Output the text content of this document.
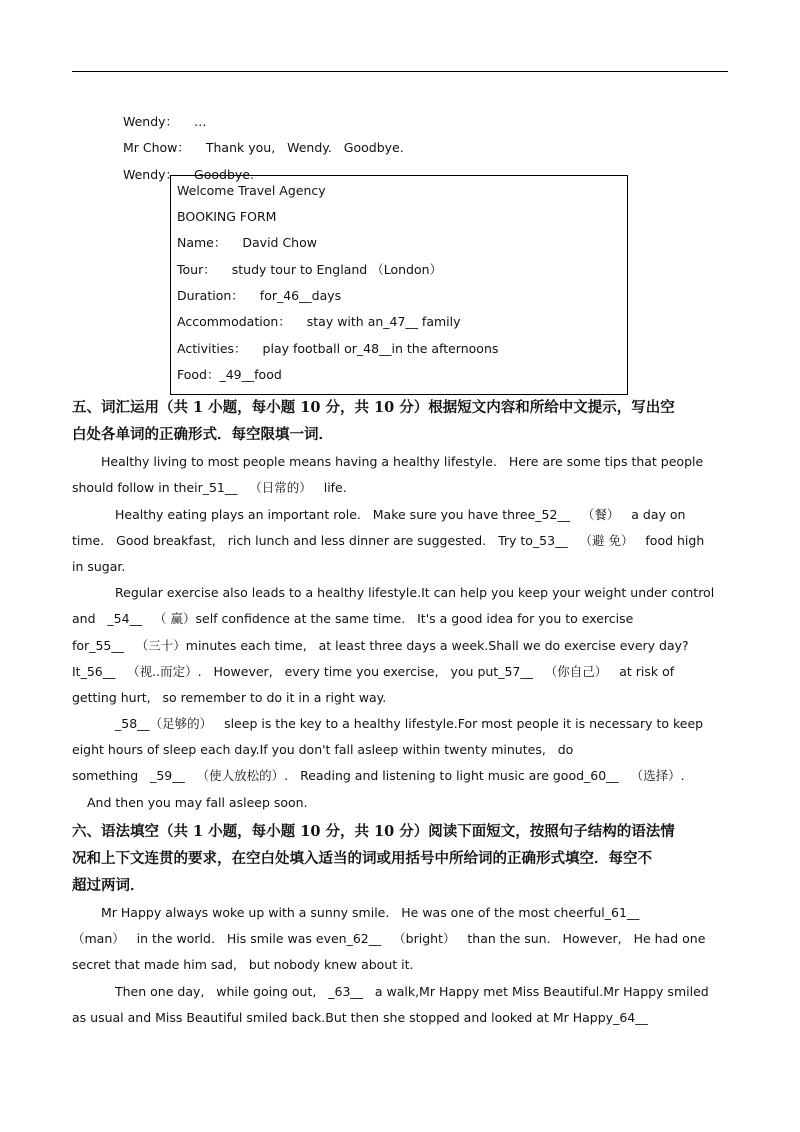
Wendy： …

Mr Chow： Thank you,   Wendy.   Goodbye.

Wendy： Goodbye.

Welcome Travel Agency
BOOKING FORM
Name： David Chow
Tour： study tour to England （London）
Duration： for_46__days
Accommodation： stay with an_47__ family
Activities： play football or_48__in the afternoons
Food：_49__food
五、词汇运用（共 1 小题，每小题 10 分，共 10 分）根据短文内容和所给中文提示，写出空
白处各单词的正确形式．每空限填一词．
Healthy living to most people means having a healthy lifestyle.   Here are some tips that people
should follow in their_51__   （日常的）   life.
Healthy eating plays an important role.   Make sure you have three_52__   （餐）   a day on
time.   Good breakfast,   rich lunch and less dinner are suggested.   Try to_53__   （避 免）   food high
in sugar.
Regular exercise also leads to a healthy lifestyle.It can help you keep your weight under control
and   _54__   （ 赢）self confidence at the same time.   It's a good idea for you to exercise
for_55__   （三十）minutes each time,   at least three days a week.Shall we do exercise every day?
It_56__   （视..而定）.   However,   every time you exercise,   you put_57__   （你自己）   at risk of
getting hurt,   so remember to do it in a right way.
_58__（足够的）   sleep is the key to a healthy lifestyle.For most people it is necessary to keep
eight hours of sleep each day.If you don't fall asleep within twenty minutes,   do
something   _59__   （使人放松的）.   Reading and listening to light music are good_60__   （选择）.
And then you may fall asleep soon.
六、语法填空（共 1 小题，每小题 10 分，共 10 分）阅读下面短文，按照句子结构的语法情
况和上下文连贯的要求，在空白处填入适当的词或用括号中所给词的正确形式填空．每空不
超过两词．
Mr Happy always woke up with a sunny smile.   He was one of the most cheerful_61__
（man）   in the world.   His smile was even_62__   （bright）   than the sun.   However,   He had one
secret that made him sad,   but nobody knew about it.
Then one day,   while going out,   _63__   a walk,Mr Happy met Miss Beautiful.Mr Happy smiled
as usual and Miss Beautiful smiled back.But then she stopped and looked at Mr Happy_64__
